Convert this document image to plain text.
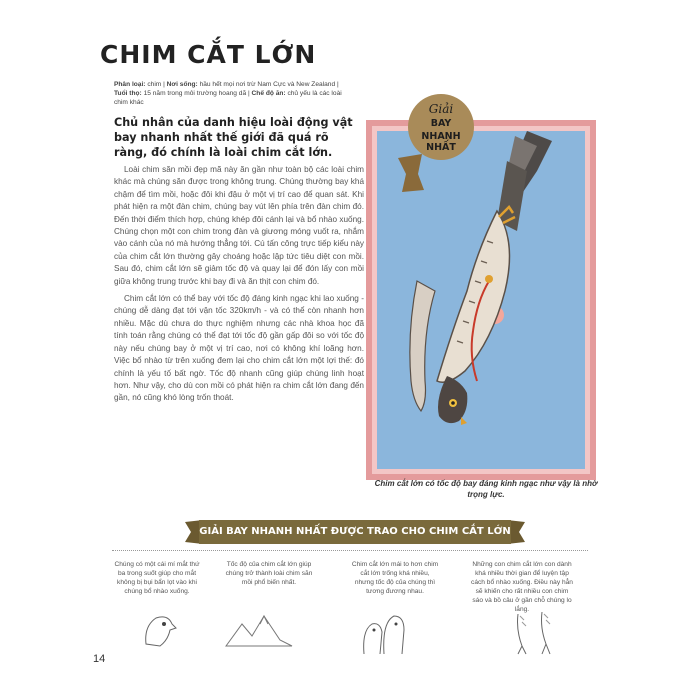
CHIM CẮT LỚN
Phân loại: chim | Nơi sống: hầu hết mọi nơi trừ Nam Cực và New Zealand | Tuổi thọ: 15 năm trong môi trường hoang dã | Chế độ ăn: chủ yếu là các loài chim khác
Chủ nhân của danh hiệu loài động vật bay nhanh nhất thế giới đã quá rõ ràng, đó chính là loài chim cắt lớn.

Loài chim săn mồi đẹp mã này ăn gần như toàn bộ các loài chim khác mà chúng săn được trong không trung. Chúng thường bay khá chậm để tìm mồi, hoặc đôi khi đậu ở một vị trí cao để quan sát. Khi phát hiện ra một đàn chim, chúng bay vút lên phía trên đàn chim đó. Đến thời điểm thích hợp, chúng khép đôi cánh lại và bổ nhào xuống. Chúng chọn một con chim trong đàn và giương móng vuốt ra, nhắm vào cánh của nó mà hướng thẳng tới. Cú tấn công trực tiếp kiểu này của chim cắt lớn thường gây choáng hoặc lập tức tiêu diệt con mồi. Sau đó, chim cắt lớn sẽ giảm tốc độ và quay lại để đón lấy con mồi giữa không trung trước khi bay đi và ăn thịt con chim đó.

Chim cắt lớn có thể bay với tốc độ đáng kinh ngạc khi lao xuống - chúng dễ dàng đạt tới vận tốc 320km/h - và có thể còn nhanh hơn nhiều. Mặc dù chưa do thực nghiệm nhưng các nhà khoa học đã tính toán rằng chúng có thể đạt tới tốc độ gần gấp đôi so với tốc độ này nếu chúng bay ở một vị trí cao, nơi có không khí loãng hơn. Việc bổ nhào từ trên xuống đem lại cho chim cắt lớn một lợi thế: đó chính là yếu tố bất ngờ. Tốc độ nhanh cũng giúp chúng linh hoạt hơn. Như vậy, cho dù con mồi có phát hiện ra chim cắt lớn đang đến gần, nó cũng khó lòng trốn thoát.

Giải
BAY
NHANH NHẤT
Chim cắt lớn có tốc độ bay đáng kinh ngạc như vậy là nhờ trọng lực.
GIẢI BAY NHANH NHẤT ĐƯỢC TRAO CHO CHIM CẮT LỚN
Chúng có một cái mí mắt thứ ba trong suốt giúp cho mắt không bị bụi bẩn lọt vào khi chúng bổ nhào xuống.
Tốc độ của chim cắt lớn giúp chúng trở thành loài chim săn mồi phổ biến nhất.
Chim cắt lớn mái to hơn chim cắt lớn trống khá nhiều, nhưng tốc độ của chúng thì tương đương nhau.
Những con chim cắt lớn con dành khá nhiều thời gian để luyện tập cách bổ nhào xuống. Điều này hẳn sẽ khiến cho rất nhiều con chim sáo và bồ câu ở gần chỗ chúng lo lắng.
14
